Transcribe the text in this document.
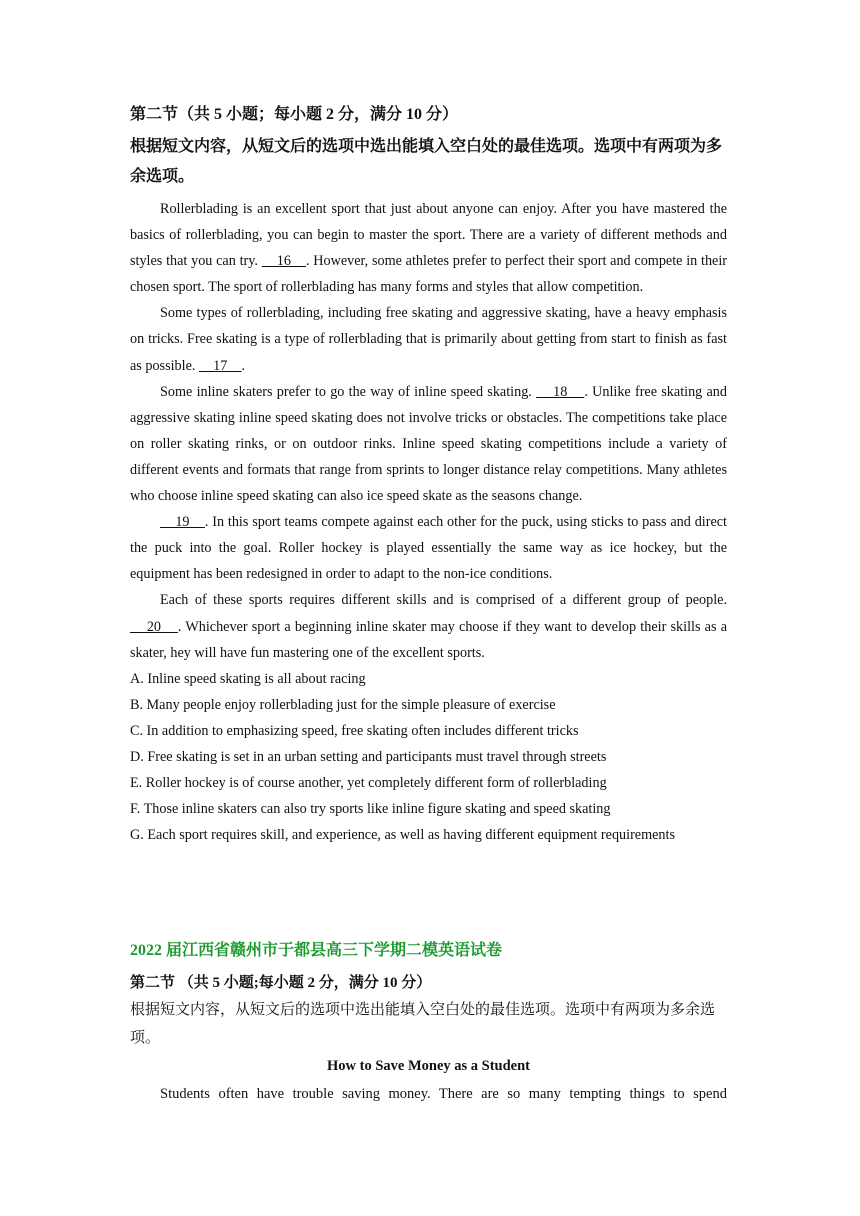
第二节（共 5 小题；每小题 2 分，满分 10 分）

根据短文内容，从短文后的选项中选出能填入空白处的最佳选项。选项中有两项为多余选项。

Rollerblading is an excellent sport that just about anyone can enjoy. After you have mastered the basics of rollerblading, you can begin to master the sport. There are a variety of different methods and styles that you can try.     16    . However, some athletes prefer to perfect their sport and compete in their chosen sport. The sport of rollerblading has many forms and styles that allow competition.

Some types of rollerblading, including free skating and aggressive skating, have a heavy emphasis on tricks. Free skating is a type of rollerblading that is primarily about getting from start to finish as fast as possible.     17    .

Some inline skaters prefer to go the way of inline speed skating.     18    . Unlike free skating and aggressive skating inline speed skating does not involve tricks or obstacles. The competitions take place on roller skating rinks, or on outdoor rinks. Inline speed skating competitions include a variety of different events and formats that range from sprints to longer distance relay competitions. Many athletes who choose inline speed skating can also ice speed skate as the seasons change.

19    . In this sport teams compete against each other for the puck, using sticks to pass and direct the puck into the goal. Roller hockey is played essentially the same way as ice hockey, but the equipment has been redesigned in order to adapt to the non-ice conditions.

Each of these sports requires different skills and is comprised of a different group of people.     20    . Whichever sport a beginning inline skater may choose if they want to develop their skills as a skater, hey will have fun mastering one of the excellent sports.

A. Inline speed skating is all about racing

B. Many people enjoy rollerblading just for the simple pleasure of exercise

C. In addition to emphasizing speed, free skating often includes different tricks

D. Free skating is set in an urban setting and participants must travel through streets

E. Roller hockey is of course another, yet completely different form of rollerblading

F. Those inline skaters can also try sports like inline figure skating and speed skating

G. Each sport requires skill, and experience, as well as having different equipment requirements

2022 届江西省赣州市于都县高三下学期二模英语试卷

第二节 （共 5 小题;每小题 2 分，满分 10 分）

根据短文内容，从短文后的选项中选出能填入空白处的最佳选项。选项中有两项为多余选项。

How to Save Money as a Student

Students often have trouble saving money. There are so many tempting things to spend
